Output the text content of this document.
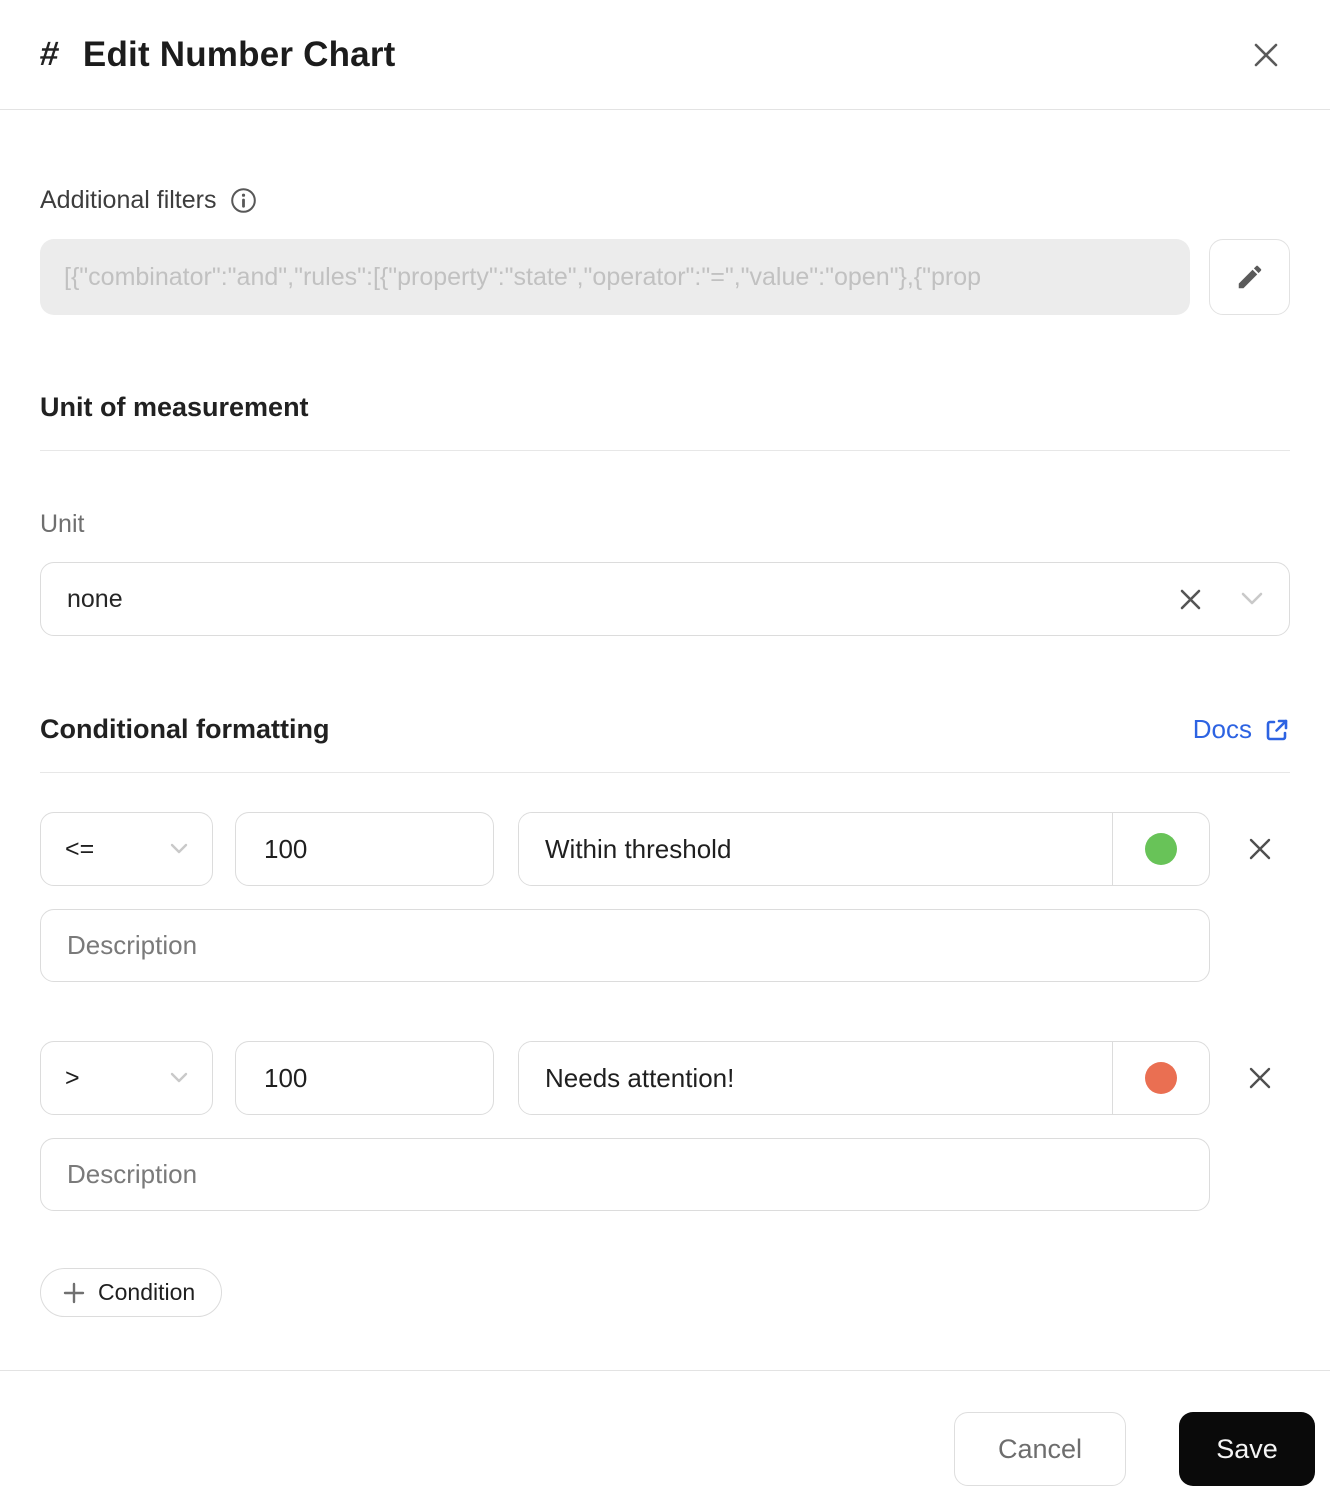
# Edit Number Chart
Additional filters
[{"combinator":"and","rules":[{"property":"state","operator":"=","value":"open"},{"prop
Unit of measurement
Unit
none
Conditional formatting	Docs
<=
100
Within threshold
Description
>
100
Needs attention!
Description
Condition
Cancel	Save
